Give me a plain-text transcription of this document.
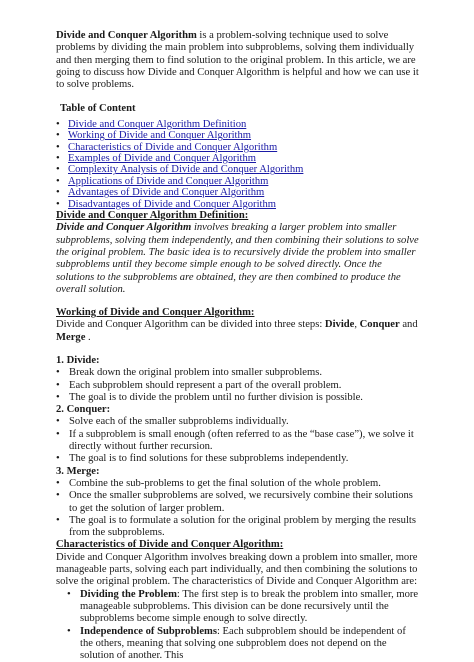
Divide and Conquer Algorithm is a problem-solving technique used to solve problems by dividing the main problem into subproblems, solving them individually and then merging them to find solution to the original problem. In this article, we are going to discuss how Divide and Conquer Algorithm is helpful and how we can use it to solve problems.

Table of Content

• Divide and Conquer Algorithm Definition
• Working of Divide and Conquer Algorithm
• Characteristics of Divide and Conquer Algorithm
• Examples of Divide and Conquer Algorithm
• Complexity Analysis of Divide and Conquer Algorithm
• Applications of Divide and Conquer Algorithm
• Advantages of Divide and Conquer Algorithm
• Disadvantages of Divide and Conquer Algorithm

Divide and Conquer Algorithm Definition:

Divide and Conquer Algorithm involves breaking a larger problem into smaller subproblems, solving them independently, and then combining their solutions to solve the original problem. The basic idea is to recursively divide the problem into smaller subproblems until they become simple enough to be solved directly. Once the solutions to the subproblems are obtained, they are then combined to produce the overall solution.

Working of Divide and Conquer Algorithm:

Divide and Conquer Algorithm can be divided into three steps: Divide, Conquer and Merge .

1. Divide:

• Break down the original problem into smaller subproblems.
• Each subproblem should represent a part of the overall problem.
• The goal is to divide the problem until no further division is possible.

2. Conquer:

• Solve each of the smaller subproblems individually.
• If a subproblem is small enough (often referred to as the “base case”), we solve it directly without further recursion.
• The goal is to find solutions for these subproblems independently.

3. Merge:

• Combine the sub-problems to get the final solution of the whole problem.
• Once the smaller subproblems are solved, we recursively combine their solutions to get the solution of larger problem.
• The goal is to formulate a solution for the original problem by merging the results from the subproblems.

Characteristics of Divide and Conquer Algorithm:

Divide and Conquer Algorithm involves breaking down a problem into smaller, more manageable parts, solving each part individually, and then combining the solutions to solve the original problem. The characteristics of Divide and Conquer Algorithm are:

• Dividing the Problem: The first step is to break the problem into smaller, more manageable subproblems. This division can be done recursively until the subproblems become simple enough to solve directly.
• Independence of Subproblems: Each subproblem should be independent of the others, meaning that solving one subproblem does not depend on the solution of another. This
